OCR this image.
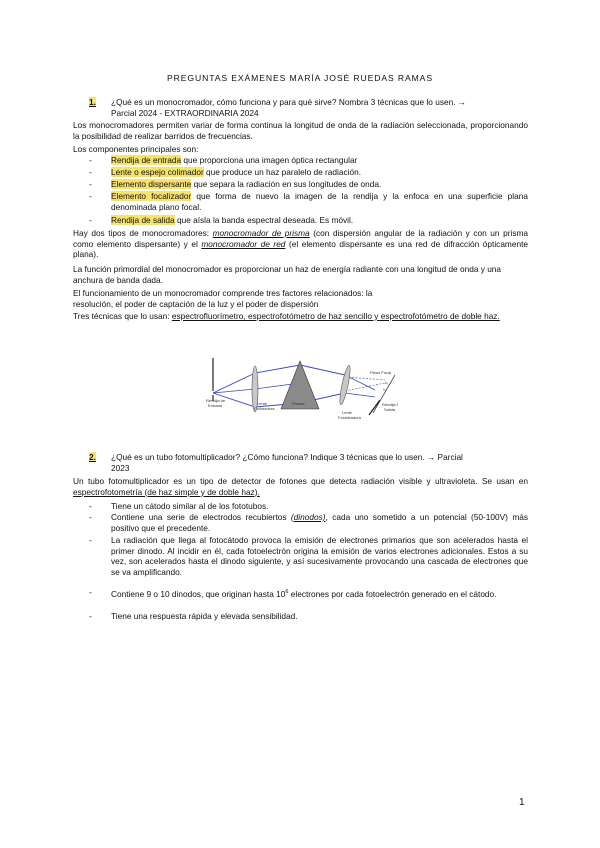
PREGUNTAS EXÁMENES MARÍA JOSÉ RUEDAS RAMAS
1. ¿Qué es un monocromador, cómo funciona y para qué sirve? Nombra 3 técnicas que lo usen. →
Parcial 2024 - EXTRAORDINARIA 2024
Los monocromadores permiten variar de forma continua la longitud de onda de la radiación seleccionada, proporcionando la posibilidad de realizar barridos de frecuencias.
Los componentes principales son:
- Rendija de entrada que proporciona una imagen óptica rectangular
- Lente o espejo colimador que produce un haz paralelo de radiación.
- Elemento dispersante que separa la radiación en sus longitudes de onda.
- Elemento focalizador que forma de nuevo la imagen de la rendija y la enfoca en una superficie plana denominada plano focal.
- Rendija de salida que aísla la banda espectral deseada. Es móvil.
Hay dos tipos de monocromadores: monocromador de prisma (con dispersión angular de la radiación y con un prisma como elemento dispersante) y el monocromador de red (el elemento dispersante es una red de difracción ópticamente plana).
La función primordial del monocromador es proporcionar un haz de energía radiante con una longitud de onda y una anchura de banda dada.
El funcionamiento de un monocromador comprende tres factores relacionados: la
resolución, el poder de captación de la luz y el poder de dispersión
Tres técnicas que lo usan: espectrofluorímetro, espectrofotómetro de haz sencillo y espectrofotómetro de doble haz.
Rendija de
Entrada	Lente
Colimadora
Prisma
Plano Focal
λ₁
λ₂
Lente
Focalizadora
Rendija f
Salida
2. ¿Qué es un tubo fotomultiplicador? ¿Cómo funciona? Indique 3 técnicas que lo usen. → Parcial
2023
Un tubo fotomultiplicador es un tipo de detector de fotones que detecta radiación visible y ultravioleta. Se usan en espectrofotometría (de haz simple y de doble haz).
- Tiene un cátodo similar al de los fototubos.
- Contiene una serie de electrodos recubiertos (dinodos), cada uno sometido a un potencial (50-100V) más positivo que el precedente.
- La radiación que llega al fotocátodo provoca la emisión de electrones primarios que son acelerados hasta el primer dinodo. Al incidir en él, cada fotoelectrón origina la emisión de varios electrones adicionales. Estos a su vez, son acelerados hasta el dinodo siguiente, y así sucesivamente provocando una cascada de electrones que se va amplificando.
- Contiene 9 o 10 dinodos, que originan hasta $10^6$ electrones por cada fotoelectrón generado en el cátodo.
- Tiene una respuesta rápida y elevada sensibilidad.
1
